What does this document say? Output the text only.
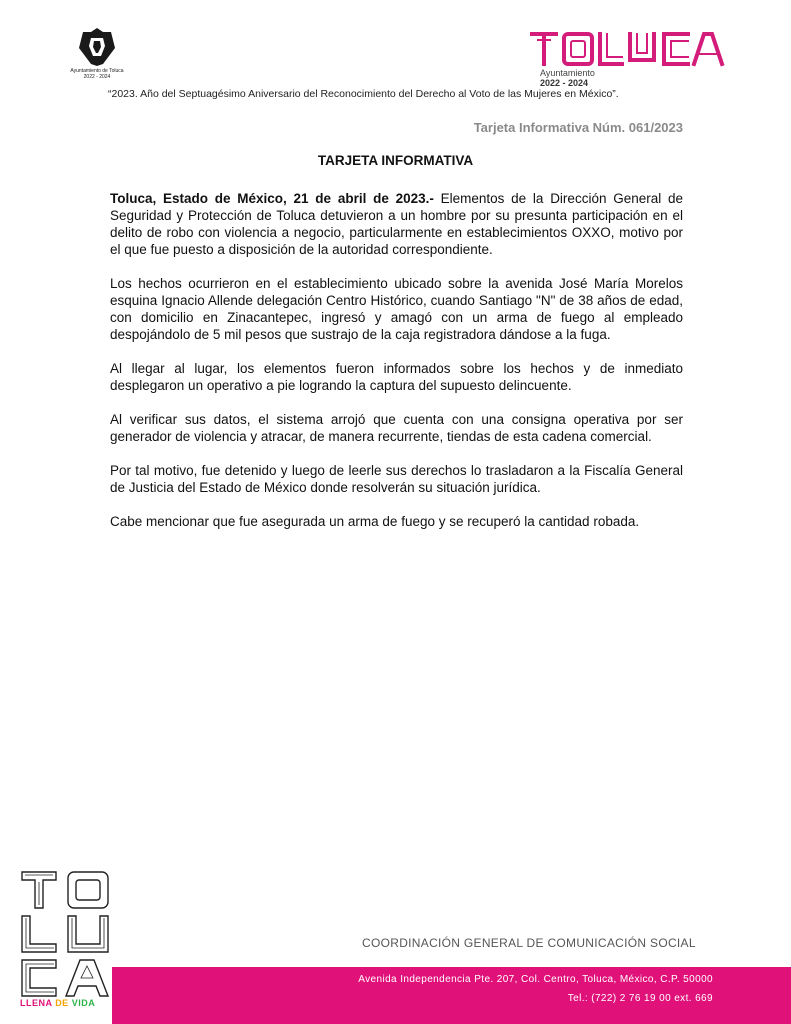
Ayuntamiento de Toluca
2022 - 2024	Ayuntamiento
2022 - 2024
“2023. Año del Septuagésimo Aniversario del Reconocimiento del Derecho al Voto de las Mujeres en México”.
Tarjeta Informativa Núm. 061/2023
TARJETA INFORMATIVA

Toluca, Estado de México, 21 de abril de 2023.- Elementos de la Dirección General de Seguridad y Protección de Toluca detuvieron a un hombre por su presunta participación en el delito de robo con violencia a negocio, particularmente en establecimientos OXXO, motivo por el que fue puesto a disposición de la autoridad correspondiente.

Los hechos ocurrieron en el establecimiento ubicado sobre la avenida José María Morelos esquina Ignacio Allende delegación Centro Histórico, cuando Santiago "N" de 38 años de edad, con domicilio en Zinacantepec, ingresó y amagó con un arma de fuego al empleado despojándolo de 5 mil pesos que sustrajo de la caja registradora dándose a la fuga.

Al llegar al lugar, los elementos fueron informados sobre los hechos y de inmediato desplegaron un operativo a pie logrando la captura del supuesto delincuente.

Al verificar sus datos, el sistema arrojó que cuenta con una consigna operativa por ser generador de violencia y atracar, de manera recurrente, tiendas de esta cadena comercial.

Por tal motivo, fue detenido y luego de leerle sus derechos lo trasladaron a la Fiscalía General de Justicia del Estado de México donde resolverán su situación jurídica.

Cabe mencionar que fue asegurada un arma de fuego y se recuperó la cantidad robada.

LLENA DE VIDA
COORDINACIÓN GENERAL DE COMUNICACIÓN SOCIAL
Avenida Independencia Pte. 207, Col. Centro, Toluca, México, C.P. 50000
Tel.: (722) 2 76 19 00 ext. 669
